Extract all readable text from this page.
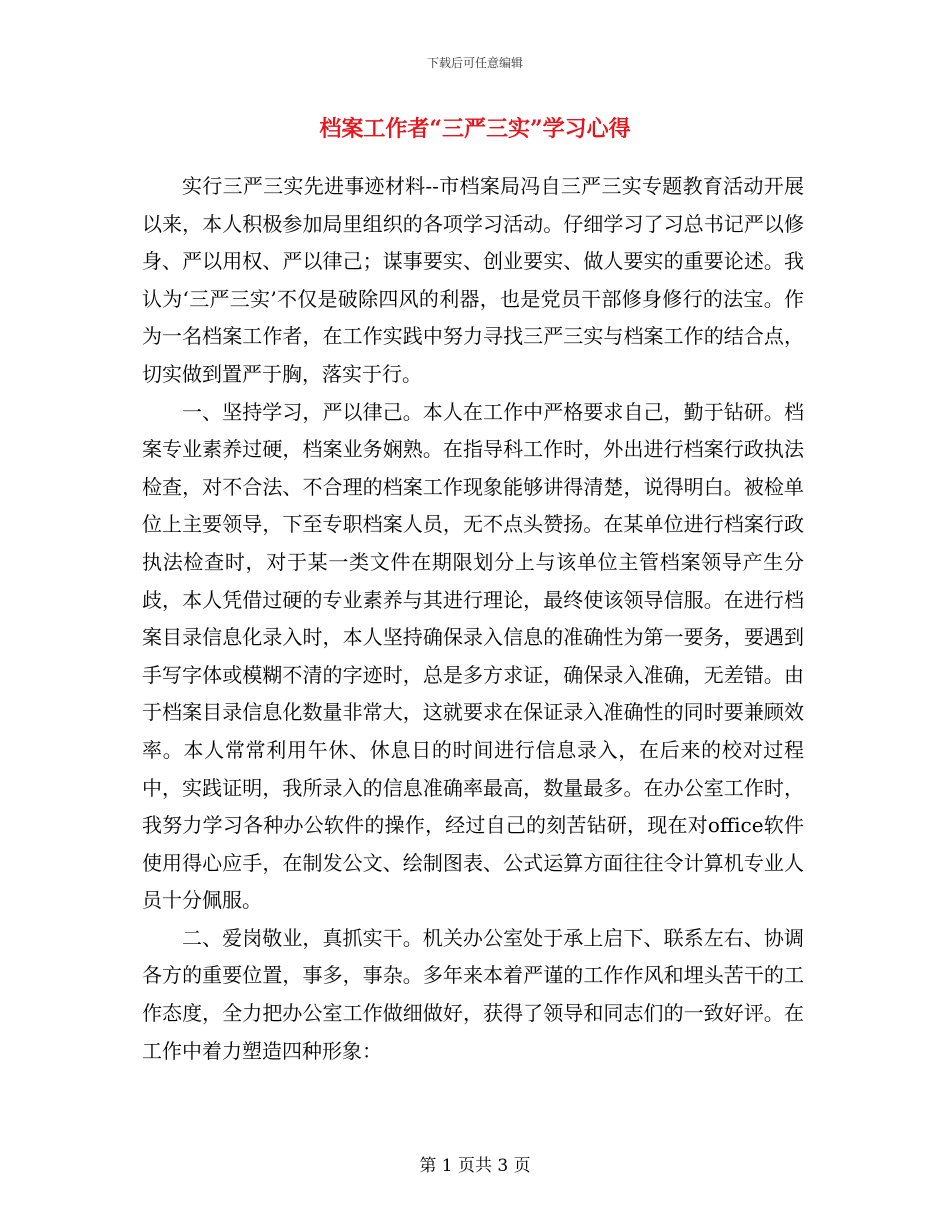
下载后可任意编辑
档案工作者“三严三实”学习心得

实行三严三实先进事迹材料--市档案局冯自三严三实专题教育活动开展以来，本人积极参加局里组织的各项学习活动。仔细学习了习总书记严以修身、严以用权、严以律己；谋事要实、创业要实、做人要实的重要论述。我认为‘三严三实’不仅是破除四风的利器，也是党员干部修身修行的法宝。作为一名档案工作者，在工作实践中努力寻找三严三实与档案工作的结合点，切实做到置严于胸，落实于行。

一、坚持学习，严以律己。本人在工作中严格要求自己，勤于钻研。档案专业素养过硬，档案业务娴熟。在指导科工作时，外出进行档案行政执法检查，对不合法、不合理的档案工作现象能够讲得清楚，说得明白。被检单位上主要领导，下至专职档案人员，无不点头赞扬。在某单位进行档案行政执法检查时，对于某一类文件在期限划分上与该单位主管档案领导产生分歧，本人凭借过硬的专业素养与其进行理论，最终使该领导信服。在进行档案目录信息化录入时，本人坚持确保录入信息的准确性为第一要务，要遇到手写字体或模糊不清的字迹时，总是多方求证，确保录入准确，无差错。由于档案目录信息化数量非常大，这就要求在保证录入准确性的同时要兼顾效率。本人常常利用午休、休息日的时间进行信息录入，在后来的校对过程中，实践证明，我所录入的信息准确率最高，数量最多。在办公室工作时，我努力学习各种办公软件的操作，经过自己的刻苦钻研，现在对office软件使用得心应手，在制发公文、绘制图表、公式运算方面往往令计算机专业人员十分佩服。

二、爱岗敬业，真抓实干。机关办公室处于承上启下、联系左右、协调各方的重要位置，事多，事杂。多年来本着严谨的工作作风和埋头苦干的工作态度，全力把办公室工作做细做好，获得了领导和同志们的一致好评。在工作中着力塑造四种形象：

第 1 页共 3 页
